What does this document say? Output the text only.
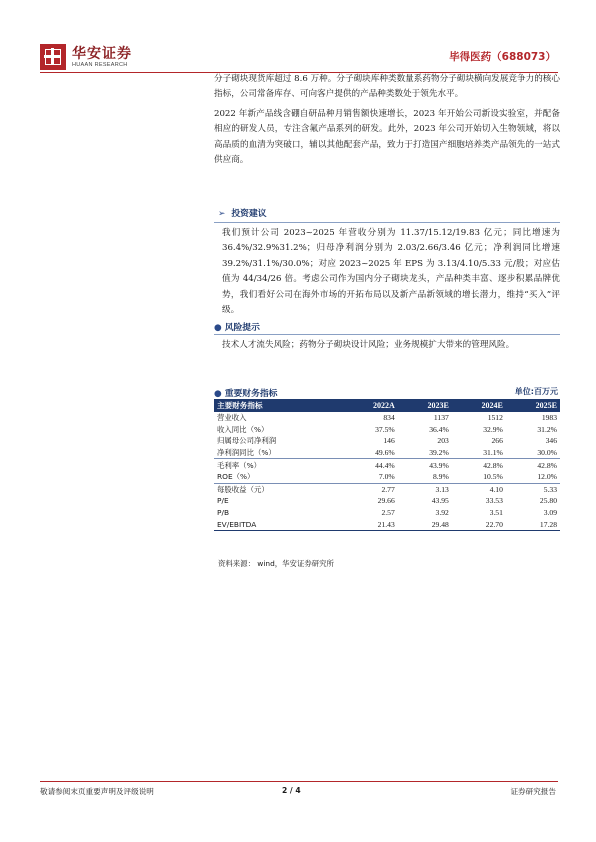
华安证券
HUAAN RESEARCH
毕得医药（688073）

分子砌块现货库超过 8.6 万种。分子砌块库种类数量系药物分子砌块横向发展竞争力的核心指标，公司常备库存、可向客户提供的产品种类数处于领先水平。

2022 年新产品线含硼自研品种月销售额快速增长，2023 年开始公司新设实验室，并配备相应的研发人员，专注含氟产品系列的研发。此外，2023 年公司开始切入生物领域，将以高品质的血清为突破口，辅以其他配套产品，致力于打造国产细胞培养类产品领先的一站式供应商。

➢ 投资建议

我们预计公司 2023~2025 年营收分别为 11.37/15.12/19.83 亿元；同比增速为 36.4%/32.9%31.2%；归母净利润分别为 2.03/2.66/3.46 亿元；净利润同比增速 39.2%/31.1%/30.0%；对应 2023~2025 年 EPS 为 3.13/4.10/5.33 元/股；对应估值为 44/34/26 倍。考虑公司作为国内分子砌块龙头，产品种类丰富、逐步积累品牌优势，我们看好公司在海外市场的开拓布局以及新产品新领域的增长潜力，维持“买入”评级。

● 风险提示

技术人才流失风险；药物分子砌块设计风险；业务规模扩大带来的管理风险。

● 重要财务指标	单位:百万元
主要财务指标	2022A	2023E	2024E	2025E
营业收入	834	1137	1512	1983
收入同比（%）	37.5%	36.4%	32.9%	31.2%
归属母公司净利润	146	203	266	346
净利润同比（%）	49.6%	39.2%	31.1%	30.0%
毛利率（%）	44.4%	43.9%	42.8%	42.8%
ROE（%）	7.0%	8.9%	10.5%	12.0%
每股收益（元）	2.77	3.13	4.10	5.33
P/E	29.66	43.95	33.53	25.80
P/B	2.57	3.92	3.51	3.09
EV/EBITDA	21.43	29.48	22.70	17.28
资料来源： wind，华安证券研究所
敬请参阅末页重要声明及评级说明	2 / 4	证券研究报告
